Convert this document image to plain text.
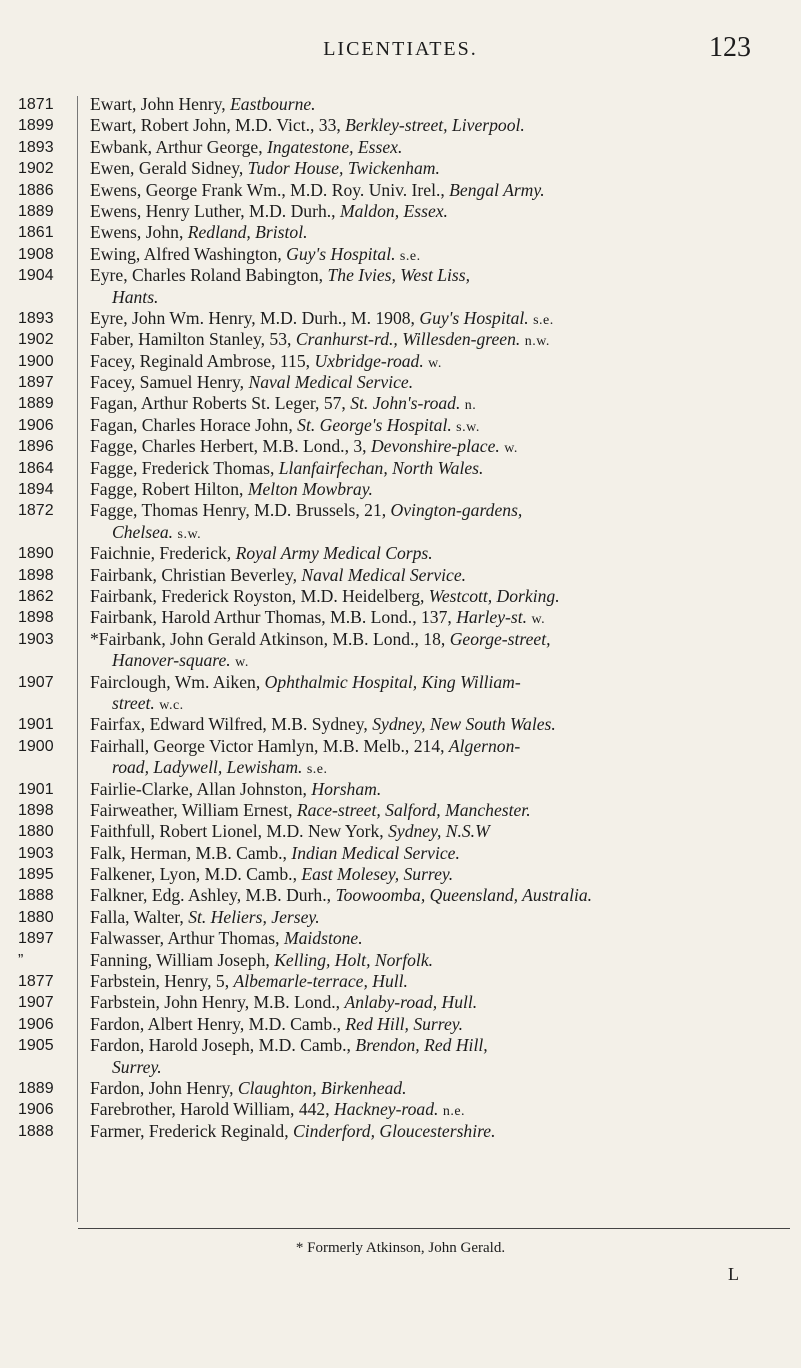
LICENTIATES.	123
1871
1899
1893
1902
1886
1889
1861
1908
1904
1893
1902
1900
1897
1889
1906
1896
1864
1894
1872
1890
1898
1862
1898
1903
1907
1901
1900
1901
1898
1880
1903
1895
1888
1880
1897
”
1877
1907
1906
1905
1889
1906
1888
Ewart, John Henry, Eastbourne.
Ewart, Robert John, M.D. Vict., 33, Berkley-street, Liverpool.
Ewbank, Arthur George, Ingatestone, Essex.
Ewen, Gerald Sidney, Tudor House, Twickenham.
Ewens, George Frank Wm., M.D. Roy. Univ. Irel., Bengal Army.
Ewens, Henry Luther, M.D. Durh., Maldon, Essex.
Ewens, John, Redland, Bristol.
Ewing, Alfred Washington, Guy's Hospital. s.e.
Eyre, Charles Roland Babington, The Ivies, West Liss,
Hants.
Eyre, John Wm. Henry, M.D. Durh., M. 1908, Guy's Hospital. s.e.
Faber, Hamilton Stanley, 53, Cranhurst-rd., Willesden-green. n.w.
Facey, Reginald Ambrose, 115, Uxbridge-road. w.
Facey, Samuel Henry, Naval Medical Service.
Fagan, Arthur Roberts St. Leger, 57, St. John's-road. n.
Fagan, Charles Horace John, St. George's Hospital. s.w.
Fagge, Charles Herbert, M.B. Lond., 3, Devonshire-place. w.
Fagge, Frederick Thomas, Llanfairfechan, North Wales.
Fagge, Robert Hilton, Melton Mowbray.
Fagge, Thomas Henry, M.D. Brussels, 21, Ovington-gardens,
Chelsea. s.w.
Faichnie, Frederick, Royal Army Medical Corps.
Fairbank, Christian Beverley, Naval Medical Service.
Fairbank, Frederick Royston, M.D. Heidelberg, Westcott, Dorking.
Fairbank, Harold Arthur Thomas, M.B. Lond., 137, Harley-st. w.
*Fairbank, John Gerald Atkinson, M.B. Lond., 18, George-street,
Hanover-square. w.
Fairclough, Wm. Aiken, Ophthalmic Hospital, King William-
street. w.c.
Fairfax, Edward Wilfred, M.B. Sydney, Sydney, New South Wales.
Fairhall, George Victor Hamlyn, M.B. Melb., 214, Algernon-
road, Ladywell, Lewisham. s.e.
Fairlie-Clarke, Allan Johnston, Horsham.
Fairweather, William Ernest, Race-street, Salford, Manchester.
Faithfull, Robert Lionel, M.D. New York, Sydney, N.S.W
Falk, Herman, M.B. Camb., Indian Medical Service.
Falkener, Lyon, M.D. Camb., East Molesey, Surrey.
Falkner, Edg. Ashley, M.B. Durh., Toowoomba, Queensland, Australia.
Falla, Walter, St. Heliers, Jersey.
Falwasser, Arthur Thomas, Maidstone.
Fanning, William Joseph, Kelling, Holt, Norfolk.
Farbstein, Henry, 5, Albemarle-terrace, Hull.
Farbstein, John Henry, M.B. Lond., Anlaby-road, Hull.
Fardon, Albert Henry, M.D. Camb., Red Hill, Surrey.
Fardon, Harold Joseph, M.D. Camb., Brendon, Red Hill,
Surrey.
Fardon, John Henry, Claughton, Birkenhead.
Farebrother, Harold William, 442, Hackney-road. n.e.
Farmer, Frederick Reginald, Cinderford, Gloucestershire.
* Formerly Atkinson, John Gerald.
L
